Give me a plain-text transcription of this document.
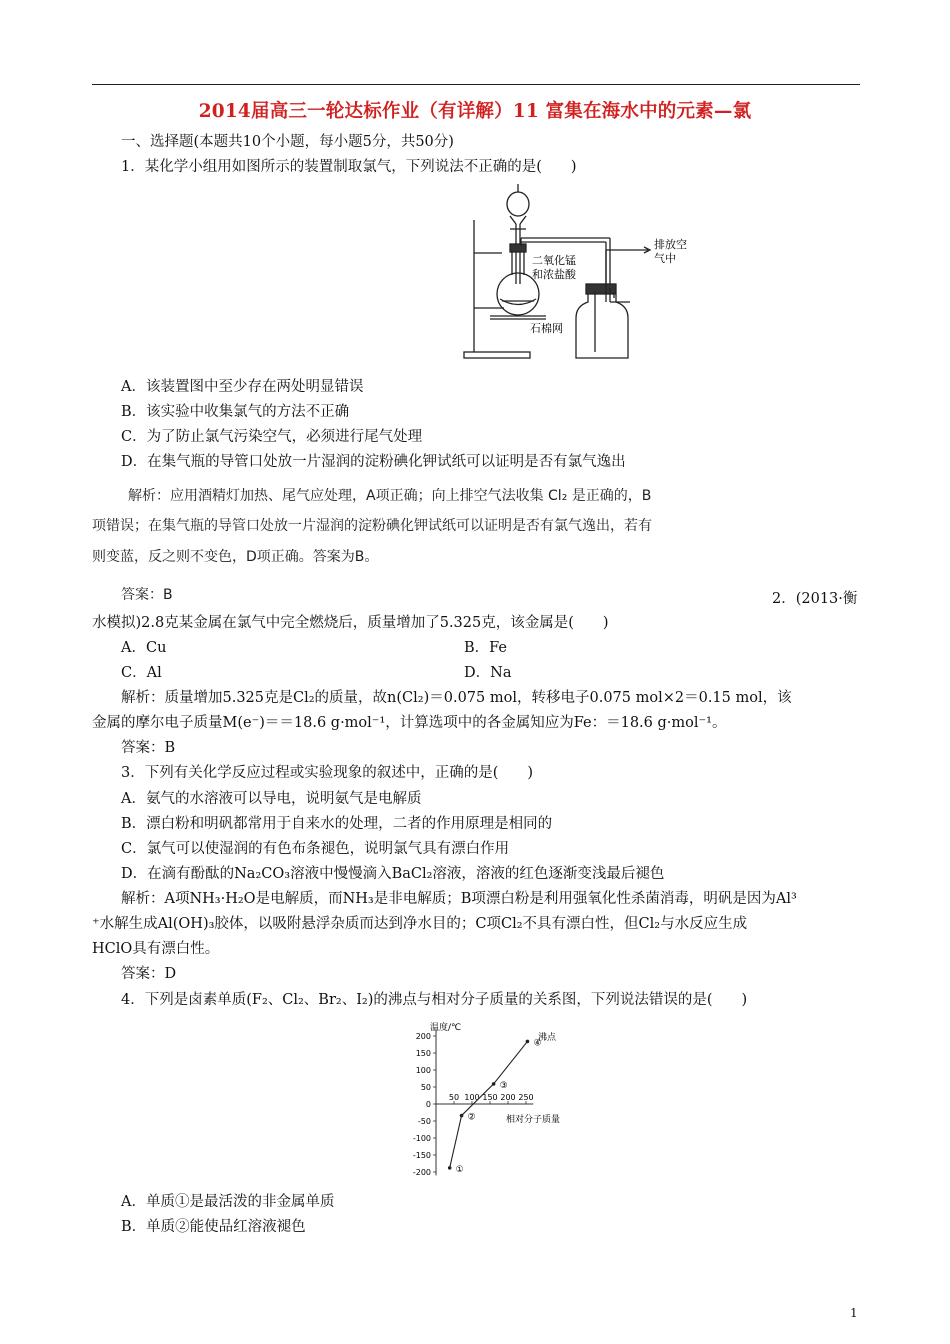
2014届高三一轮达标作业（有详解）11 富集在海水中的元素—氯
一、选择题(本题共10个小题，每小题5分，共50分)
1．某化学小组用如图所示的装置制取氯气，下列说法不正确的是(　　)
二氧化锰
和浓盐酸
排放空
气中
石棉网
A．该装置图中至少存在两处明显错误
B．该实验中收集氯气的方法不正确
C．为了防止氯气污染空气，必须进行尾气处理
D．在集气瓶的导管口处放一片湿润的淀粉碘化钾试纸可以证明是否有氯气逸出
解析：应用酒精灯加热、尾气应处理，A项正确；向上排空气法收集 Cl₂ 是正确的，B
项错误；在集气瓶的导管口处放一片湿润的淀粉碘化钾试纸可以证明是否有氯气逸出，若有
则变蓝，反之则不变色，D项正确。答案为B。
答案：B	2．(2013·衡
水模拟)2.8克某金属在氯气中完全燃烧后，质量增加了5.325克，该金属是(　　)
A．Cu	B．Fe
C．Al	D．Na
解析：质量增加5.325克是Cl₂的质量，故n(Cl₂)＝0.075 mol，转移电子0.075 mol×2＝0.15 mol，该
金属的摩尔电子质量M(e⁻)＝＝18.6 g·mol⁻¹，计算选项中的各金属知应为Fe：＝18.6 g·mol⁻¹。
答案：B
3．下列有关化学反应过程或实验现象的叙述中，正确的是(　　)
A．氨气的水溶液可以导电，说明氨气是电解质
B．漂白粉和明矾都常用于自来水的处理，二者的作用原理是相同的
C．氯气可以使湿润的有色布条褪色，说明氯气具有漂白作用
D．在滴有酚酞的Na₂CO₃溶液中慢慢滴入BaCl₂溶液，溶液的红色逐渐变浅最后褪色
解析：A项NH₃·H₂O是电解质，而NH₃是非电解质；B项漂白粉是利用强氧化性杀菌消毒，明矾是因为Al³
⁺水解生成Al(OH)₃胶体，以吸附悬浮杂质而达到净水目的；C项Cl₂不具有漂白性，但Cl₂与水反应生成
HClO具有漂白性。
答案：D
4．下列是卤素单质(F₂、Cl₂、Br₂、I₂)的沸点与相对分子质量的关系图，下列说法错误的是(　　)
温度/℃
相对分子质量
沸点
200
150
100
50
0
-50
-100
-150
-200
50 100 150 200 250
①
②
③
④
A．单质①是最活泼的非金属单质
B．单质②能使品红溶液褪色
1
